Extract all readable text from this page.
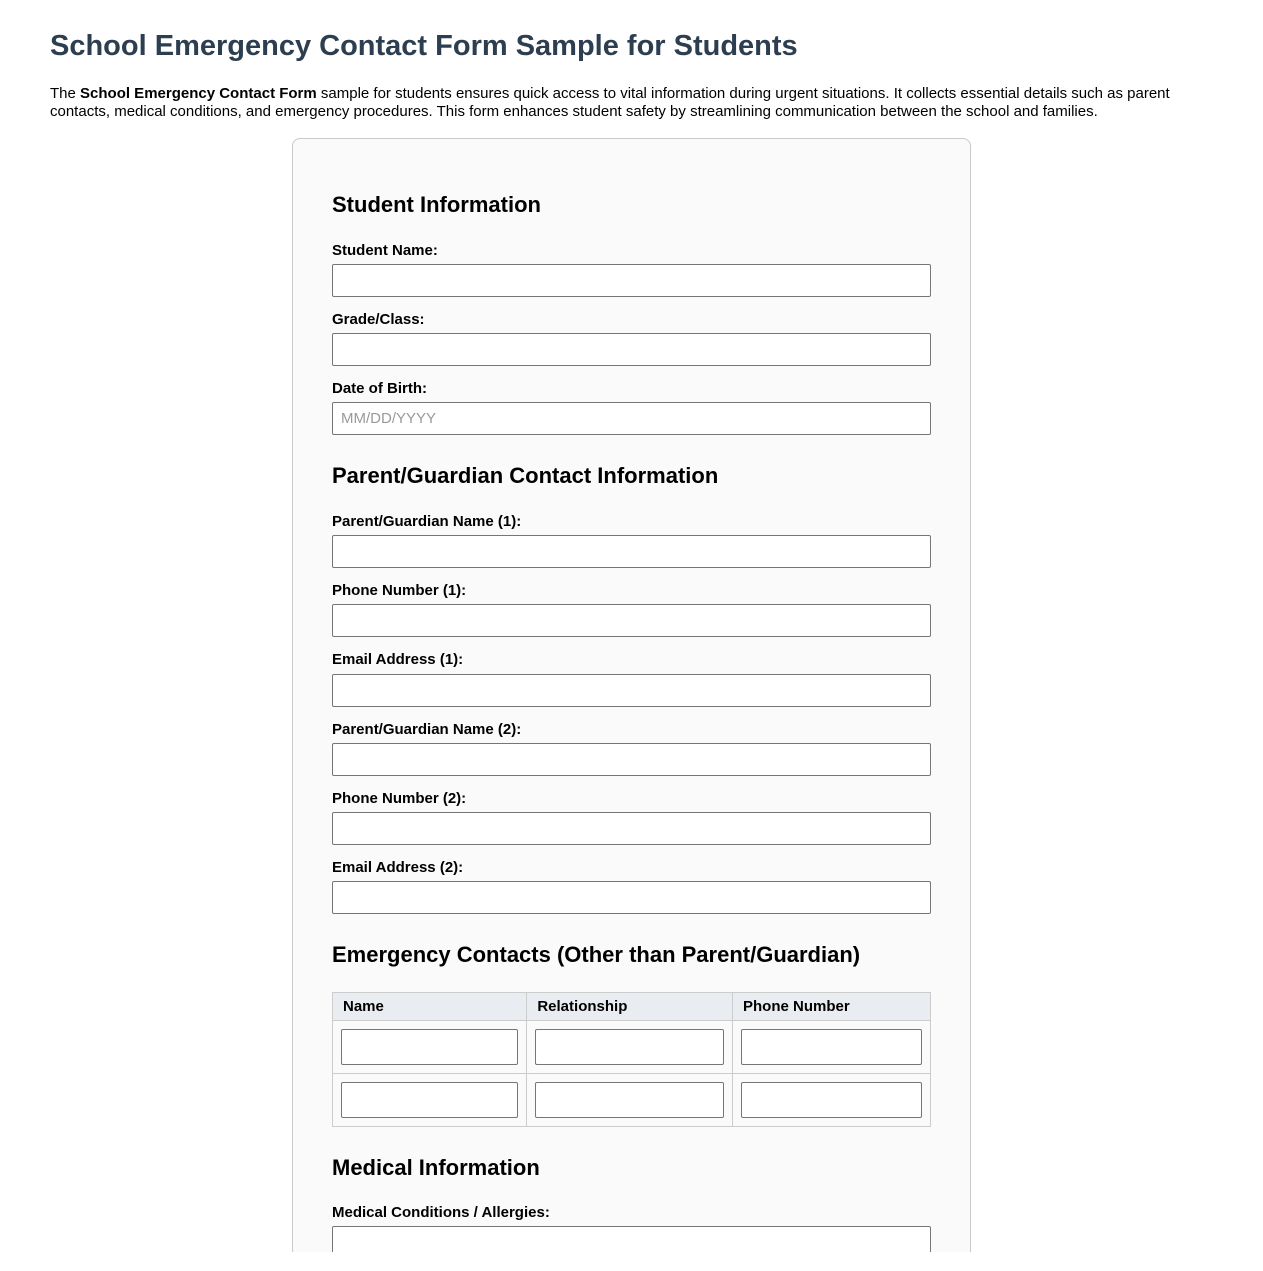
School Emergency Contact Form Sample for Students

The School Emergency Contact Form sample for students ensures quick access to vital information during urgent situations. It collects essential details such as parent contacts, medical conditions, and emergency procedures. This form enhances student safety by streamlining communication between the school and families.

Student Information
Student Name:
Grade/Class:
Date of Birth:
MM/DD/YYYY
Parent/Guardian Contact Information
Parent/Guardian Name (1):
Phone Number (1):
Email Address (1):
Parent/Guardian Name (2):
Phone Number (2):
Email Address (2):
Emergency Contacts (Other than Parent/Guardian)
Name	Relationship	Phone Number

Medical Information
Medical Conditions / Allergies:
